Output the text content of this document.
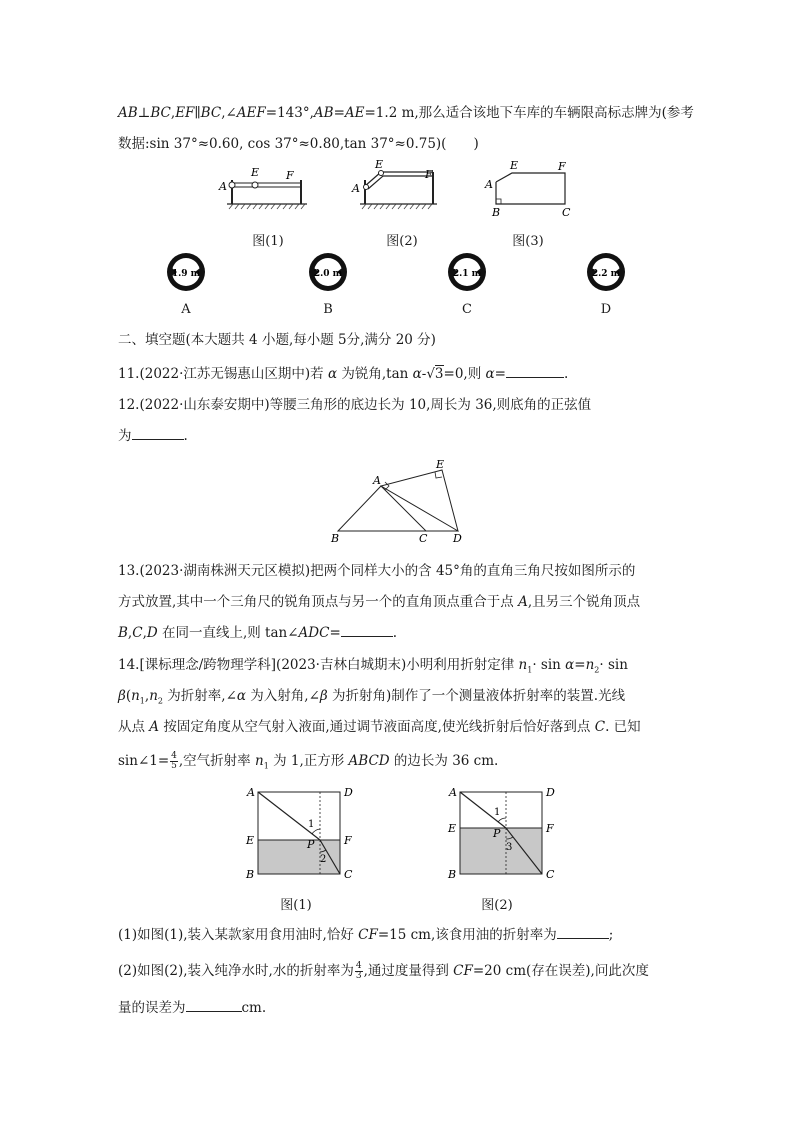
AB⊥BC,EF∥BC,∠AEF=143°,AB=AE=1.2 m,那么适合该地下车库的车辆限高标志牌为(参考
数据:sin 37°≈0.60, cos 37°≈0.80,tan 37°≈0.75)(　　)
A
E F
A
E
F
A
B	C
E	F
图(1)	图(2)	图(3)
1.9 m	2.0 m	2.1 m	2.2 m
A	B	C	D
二、填空题(本大题共 4 小题,每小题 5分,满分 20 分)
11.(2022·江苏无锡惠山区期中)若 α 为锐角,tan α-√3=0,则 α=	.
12.(2022·山东泰安期中)等腰三角形的底边长为 10,周长为 36,则底角的正弦值
为	.
A
B	C D
E
13.(2023·湖南株洲天元区模拟)把两个同样大小的含 45°角的直角三角尺按如图所示的
方式放置,其中一个三角尺的锐角顶点与另一个的直角顶点重合于点 A,且另三个锐角顶点
B,C,D 在同一直线上,则 tan∠ADC=	.
14.[课标理念/跨物理学科](2023·吉林白城期末)小明利用折射定律 $n_1\cdot \sin \alpha=n_2\cdot \sin$
$\beta(n_1,n_2$ 为折射率,∠α 为入射角,∠β 为折射角)制作了一个测量液体折射率的装置.光线
从点 A 按固定角度从空气射入液面,通过调节液面高度,使光线折射后恰好落到点 C. 已知
sin∠1= $\frac{4}{5}$ ,空气折射率 $n_1$ 为 1,正方形 ABCD 的边长为 36 cm.
A	D
E	F
B	C
P
1
2
A	D
E	F
B	C
P
1
3
图(1)	图(2)
(1)如图(1),装入某款家用食用油时,恰好 CF=15 cm,该食用油的折射率为	;
(2)如图(2),装入纯净水时,水的折射率为 $\frac{4}{3}$ ,通过度量得到 CF=20 cm(存在误差),问此次度
量的误差为	cm.
